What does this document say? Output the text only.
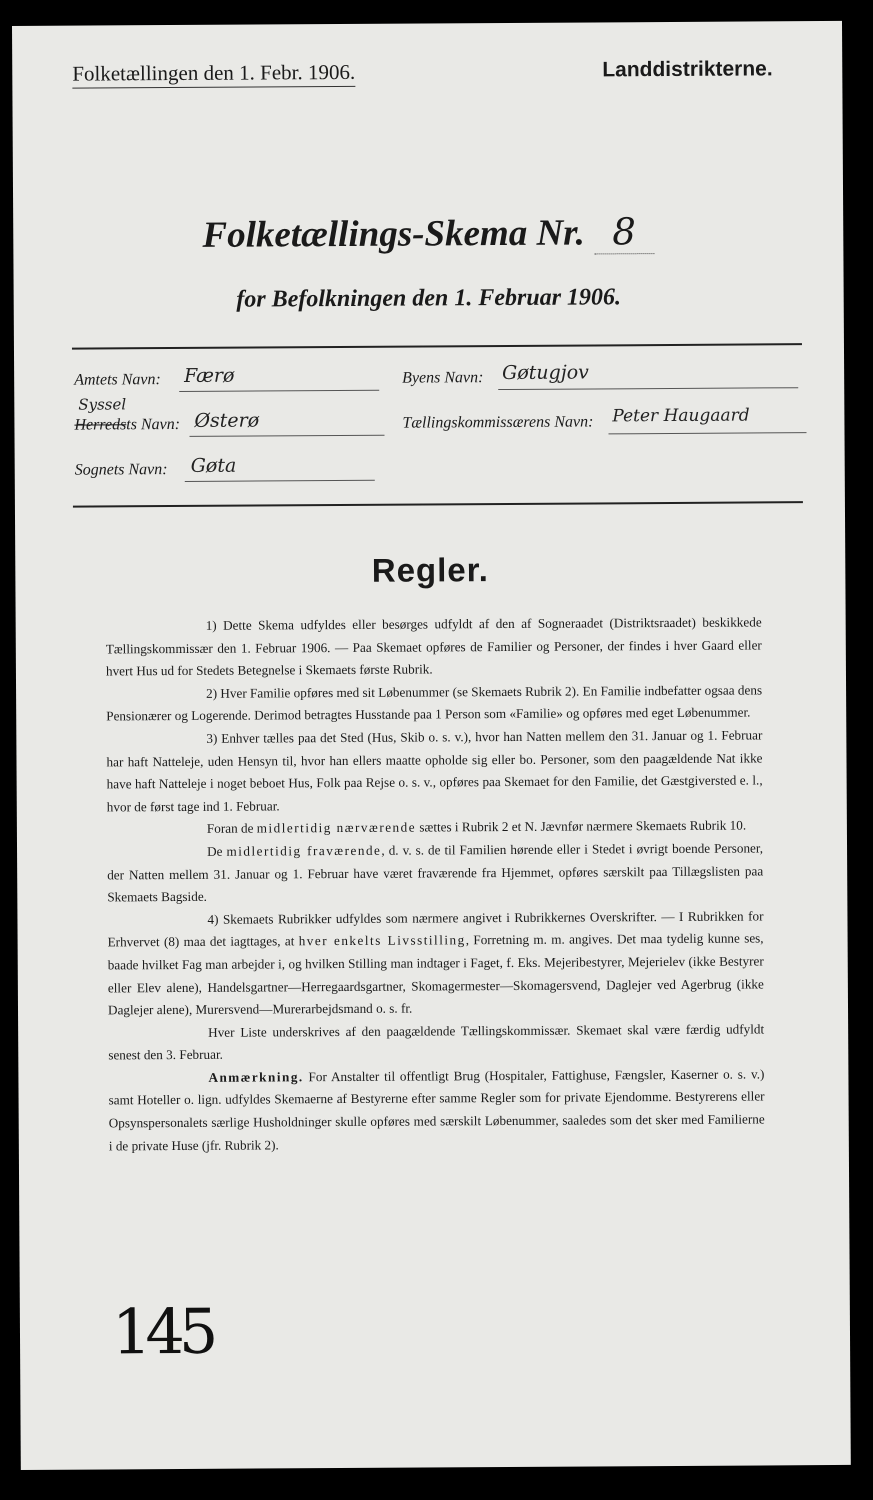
Folketællingen den 1. Febr. 1906.	Landdistrikterne.
Folketællings-Skema Nr. 8
for Befolkningen den 1. Februar 1906.
Amtets Navn: Færø	Byens Navn: Gøtugjov
Syssel
Herredsts Navn: Østerø	Tællingskommissærens Navn: Peter Haugaard
Sognets Navn: Gøta
Regler.

1) Dette Skema udfyldes eller besørges udfyldt af den af Sogneraadet (Distriktsraadet) beskikkede Tællingskommissær den 1. Februar 1906. — Paa Skemaet opføres de Familier og Personer, der findes i hver Gaard eller hvert Hus ud for Stedets Betegnelse i Skemaets første Rubrik.

2) Hver Familie opføres med sit Løbenummer (se Skemaets Rubrik 2). En Familie indbefatter ogsaa dens Pensionærer og Logerende. Derimod betragtes Husstande paa 1 Person som «Familie» og opføres med eget Løbenummer.

3) Enhver tælles paa det Sted (Hus, Skib o. s. v.), hvor han Natten mellem den 31. Januar og 1. Februar har haft Natteleje, uden Hensyn til, hvor han ellers maatte opholde sig eller bo. Personer, som den paagældende Nat ikke have haft Natteleje i noget beboet Hus, Folk paa Rejse o. s. v., opføres paa Skemaet for den Familie, det Gæstgiversted e. l., hvor de først tage ind 1. Februar.

Foran de midlertidig nærværende sættes i Rubrik 2 et N. Jævnfør nærmere Skemaets Rubrik 10.

De midlertidig fraværende, d. v. s. de til Familien hørende eller i Stedet i øvrigt boende Personer, der Natten mellem 31. Januar og 1. Februar have været fraværende fra Hjemmet, opføres særskilt paa Tillægslisten paa Skemaets Bagside.

4) Skemaets Rubrikker udfyldes som nærmere angivet i Rubrikkernes Overskrifter. — I Rubrikken for Erhvervet (8) maa det iagttages, at hver enkelts Livsstilling, Forretning m. m. angives. Det maa tydelig kunne ses, baade hvilket Fag man arbejder i, og hvilken Stilling man indtager i Faget, f. Eks. Mejeribestyrer, Mejerielev (ikke Bestyrer eller Elev alene), Handelsgartner—Herregaardsgartner, Skomagermester—Skomagersvend, Daglejer ved Agerbrug (ikke Daglejer alene), Murersvend—Murerarbejdsmand o. s. fr.

Hver Liste underskrives af den paagældende Tællingskommissær. Skemaet skal være færdig udfyldt senest den 3. Februar.

Anmærkning. For Anstalter til offentligt Brug (Hospitaler, Fattighuse, Fængsler, Kaserner o. s. v.) samt Hoteller o. lign. udfyldes Skemaerne af Bestyrerne efter samme Regler som for private Ejendomme. Bestyrerens eller Opsynspersonalets særlige Husholdninger skulle opføres med særskilt Løbenummer, saaledes som det sker med Familierne i de private Huse (jfr. Rubrik 2).

145
